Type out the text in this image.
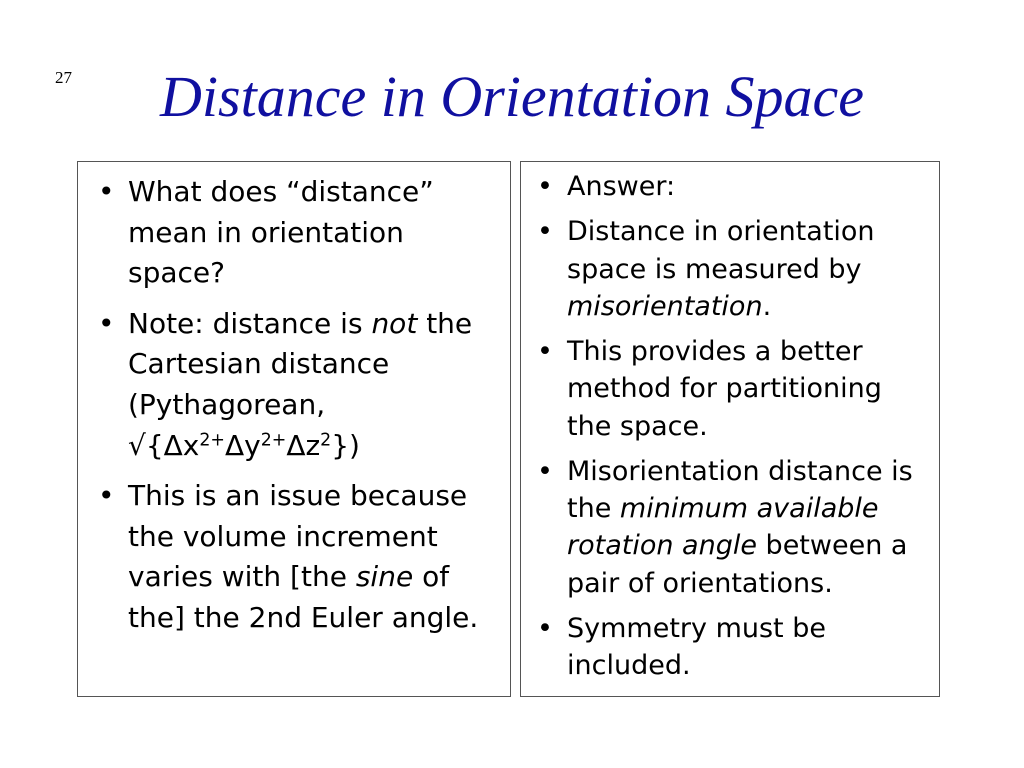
27	Distance in Orientation Space
• What does “distance” mean in orientation space?
• Note: distance is not the Cartesian distance (Pythagorean, $√\{\Delta x^{2+}\Delta y^{2+}\Delta z^2\}$)
• This is an issue because the volume increment varies with [the sine of the] the 2nd Euler angle.
• Answer:
• Distance in orientation space is measured by misorientation.
• This provides a better method for partitioning the space.
• Misorientation distance is the minimum available rotation angle between a pair of orientations.
• Symmetry must be included.
